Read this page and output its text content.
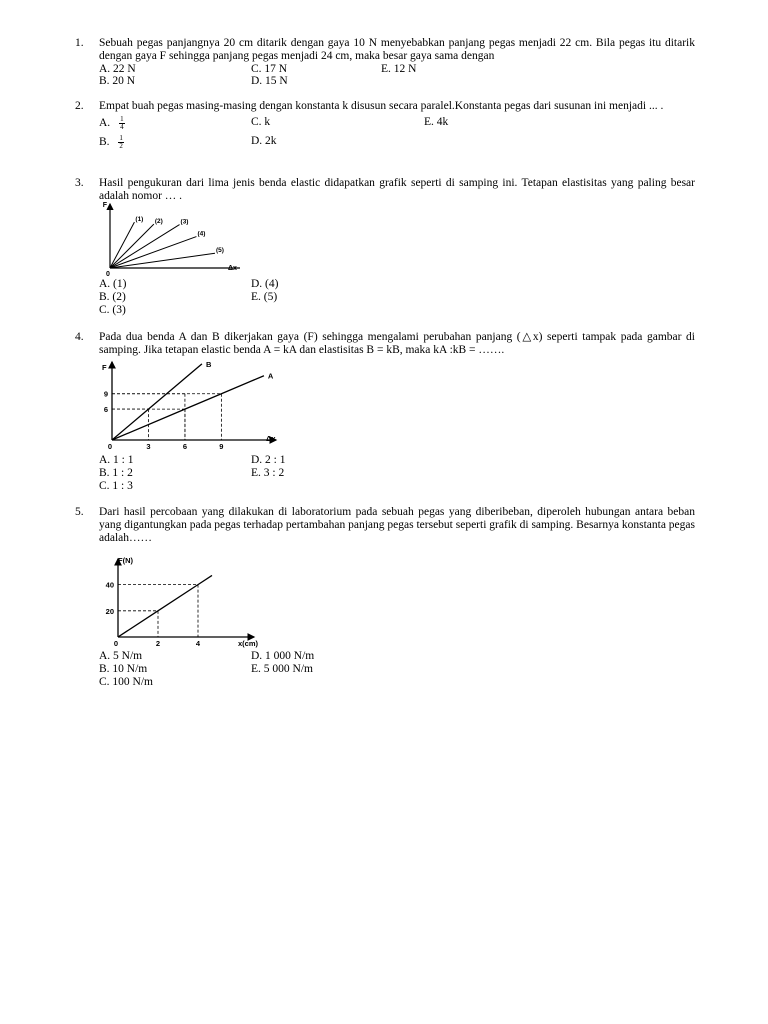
1. Sebuah pegas panjangnya 20 cm ditarik dengan gaya 10 N menyebabkan panjang pegas menjadi 22 cm. Bila pegas itu ditarik dengan gaya F sehingga panjang pegas menjadi 24 cm, maka besar gaya sama dengan
A. 22 N
B. 20 N
C. 17 N
D. 15 N
E. 12 N
2. Empat buah pegas masing-masing dengan konstanta k disusun secara paralel.Konstanta pegas dari susunan ini menjadi ... .
A. $\frac{1}{4}$
B. $\frac{1}{2}$
C. k
D. 2k
E. 4k
3. Hasil pengukuran dari lima jenis benda elastic didapatkan grafik seperti di samping ini. Tetapan elastisitas yang paling besar adalah nomor … .
F
Δx
0
(1) (2)	(3)
(4)
(5)
A. (1)
B. (2)
C. (3)
D. (4)
E. (5)
4. Pada dua benda A dan B dikerjakan gaya (F) sehingga mengalami perubahan panjang (△x) seperti tampak pada gambar di samping. Jika tetapan elastic benda A = kA dan elastisitas B = kB, maka kA :kB = …….
F
Δx
0	3	6	9
6
9
B
A
A. 1 : 1
B. 1 : 2
C. 1 : 3
D. 2 : 1
E. 3 : 2
5. Dari hasil percobaan yang dilakukan di laboratorium pada sebuah pegas yang diberibeban, diperoleh hubungan antara beban yang digantungkan pada pegas terhadap pertambahan panjang pegas tersebut seperti grafik di samping. Besarnya konstanta pegas adalah……
F(N)
x(cm)
0	2	4
20
40
A. 5 N/m
B. 10 N/m
C. 100 N/m
D. 1 000 N/m
E. 5 000 N/m
